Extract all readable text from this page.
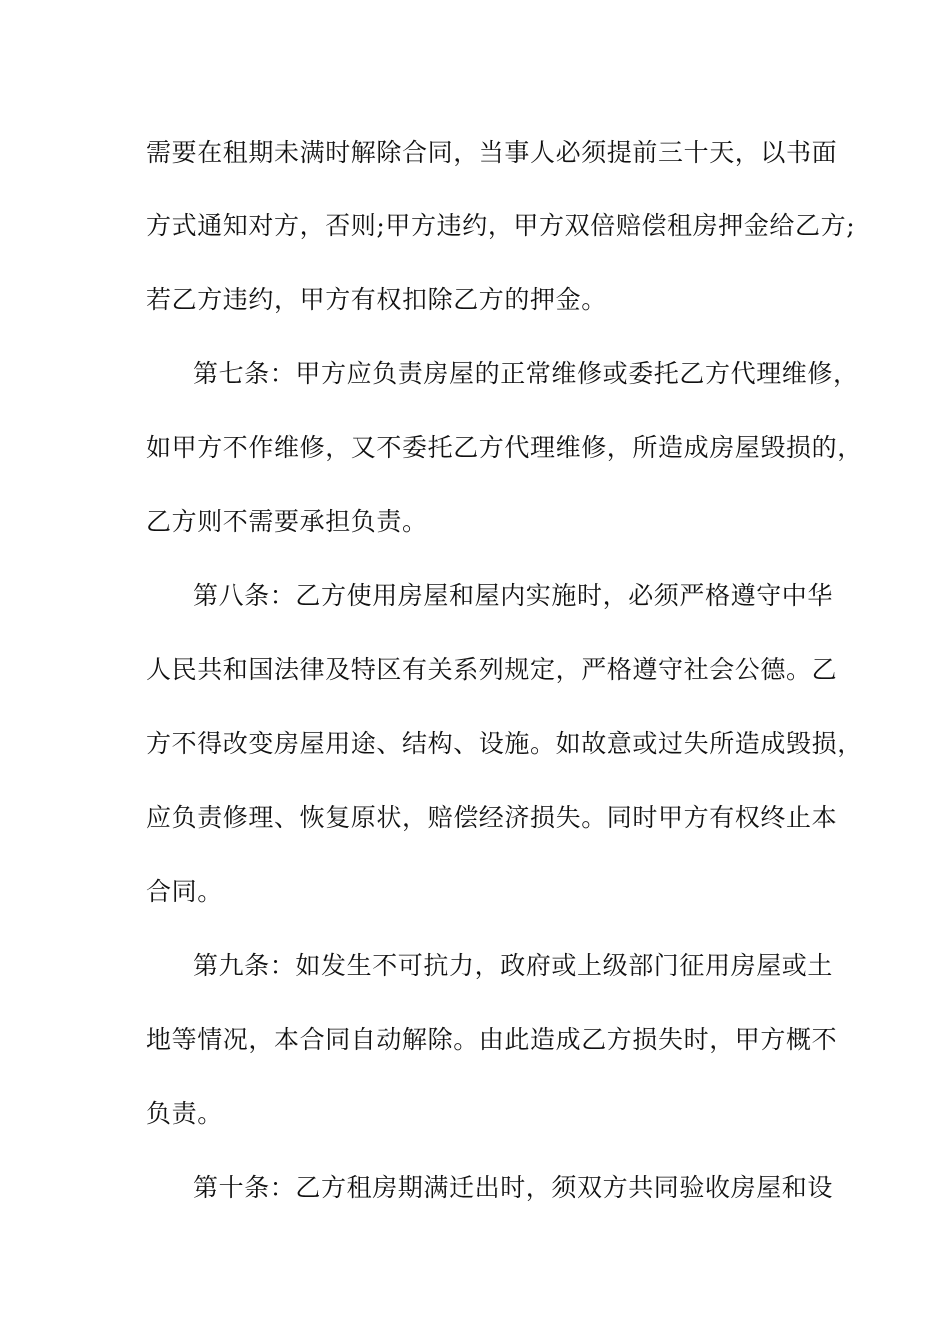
需要在租期未满时解除合同，当事人必须提前三十天，以书面
方式通知对方，否则;甲方违约，甲方双倍赔偿租房押金给乙方;
若乙方违约，甲方有权扣除乙方的押金。
第七条：甲方应负责房屋的正常维修或委托乙方代理维修，
如甲方不作维修，又不委托乙方代理维修，所造成房屋毁损的，
乙方则不需要承担负责。
第八条：乙方使用房屋和屋内实施时，必须严格遵守中华
人民共和国法律及特区有关系列规定，严格遵守社会公德。乙
方不得改变房屋用途、结构、设施。如故意或过失所造成毁损，
应负责修理、恢复原状，赔偿经济损失。同时甲方有权终止本
合同。
第九条：如发生不可抗力，政府或上级部门征用房屋或土
地等情况，本合同自动解除。由此造成乙方损失时，甲方概不
负责。
第十条：乙方租房期满迁出时，须双方共同验收房屋和设
